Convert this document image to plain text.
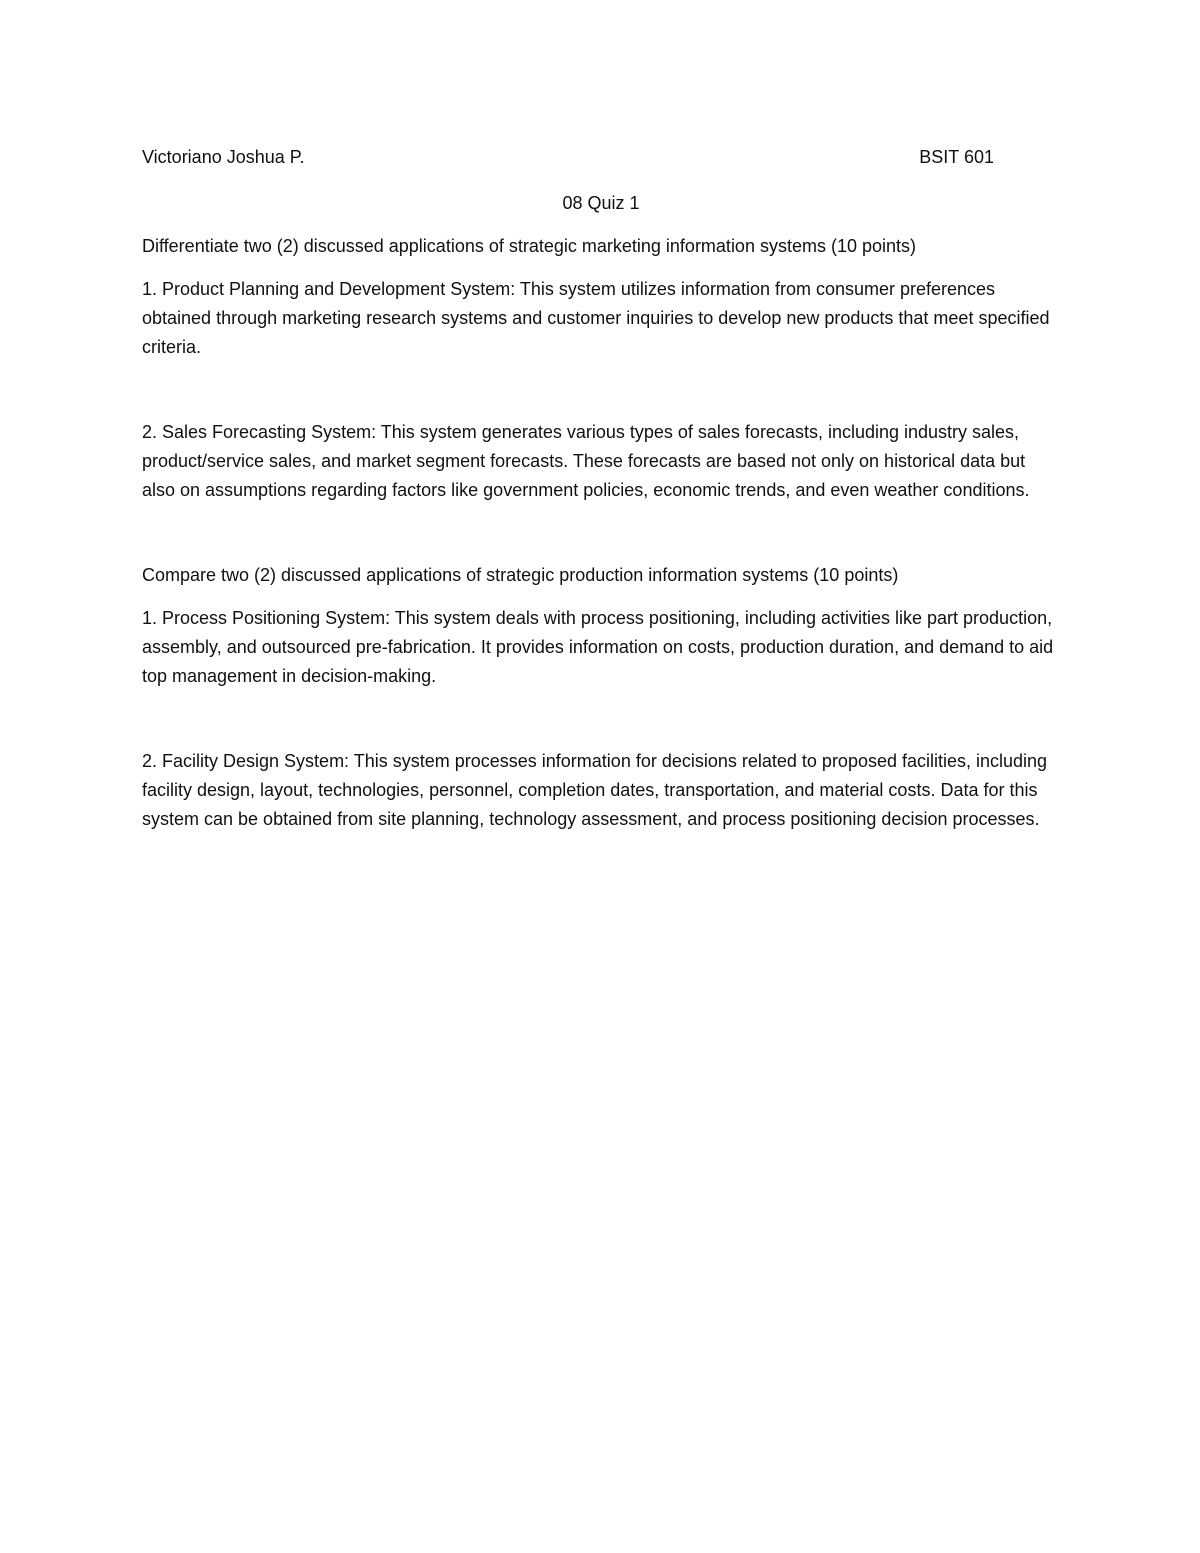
Victoriano Joshua P.	BSIT 601
08 Quiz 1

Differentiate two (2) discussed applications of strategic marketing information systems (10 points)

1. Product Planning and Development System: This system utilizes information from consumer preferences obtained through marketing research systems and customer inquiries to develop new products that meet specified criteria.

2. Sales Forecasting System: This system generates various types of sales forecasts, including industry sales, product/service sales, and market segment forecasts. These forecasts are based not only on historical data but also on assumptions regarding factors like government policies, economic trends, and even weather conditions.

Compare two (2) discussed applications of strategic production information systems (10 points)

1. Process Positioning System: This system deals with process positioning, including activities like part production, assembly, and outsourced pre-fabrication. It provides information on costs, production duration, and demand to aid top management in decision-making.

2. Facility Design System: This system processes information for decisions related to proposed facilities, including facility design, layout, technologies, personnel, completion dates, transportation, and material costs. Data for this system can be obtained from site planning, technology assessment, and process positioning decision processes.
